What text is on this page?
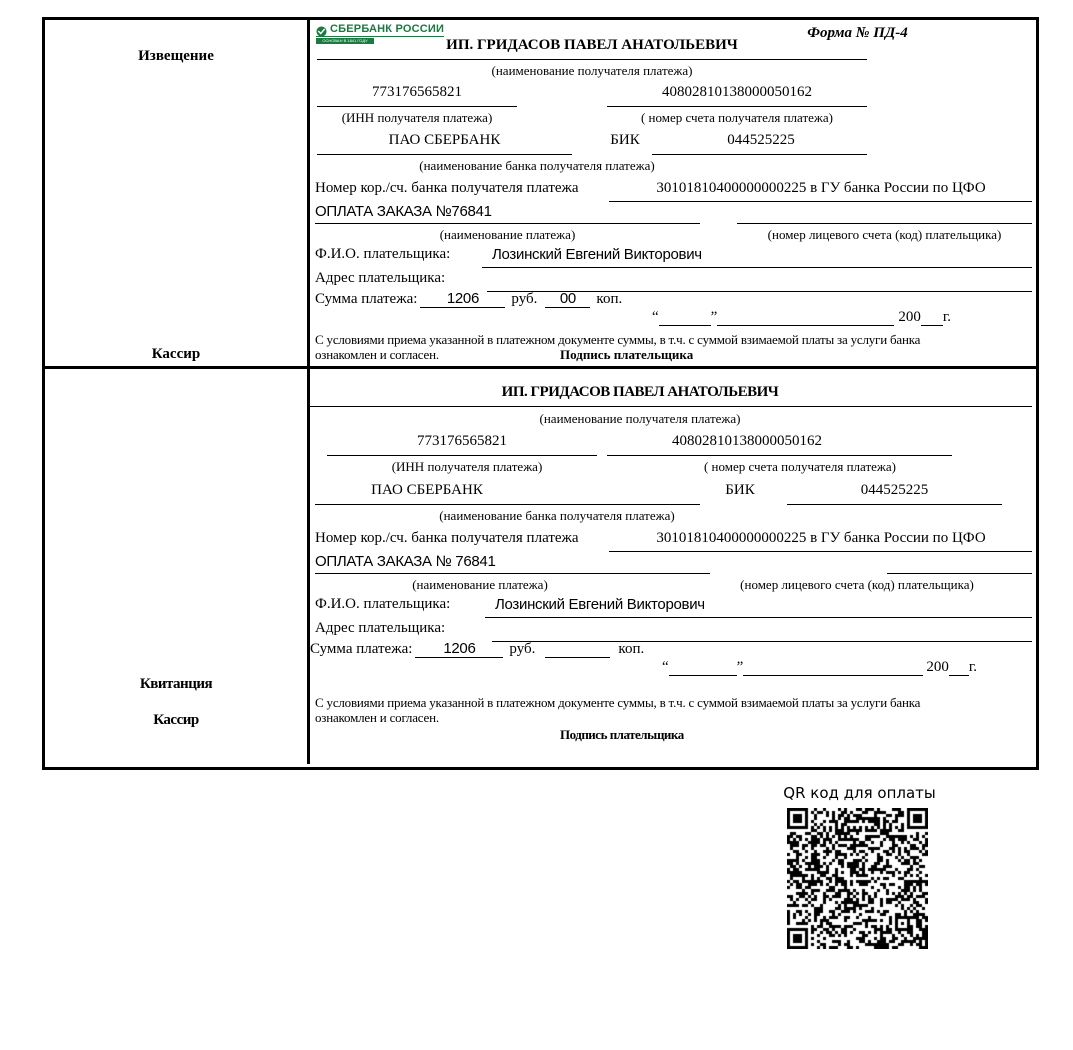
Извещение
Кассир
СБЕРБАНК РОССИИ
ОСНОВАН В 1841 ГОДУ	Форма № ПД-4
ИП. ГРИДАСОВ ПАВЕЛ АНАТОЛЬЕВИЧ
(наименование получателя платежа)
773176565821	40802810138000050162
(ИНН получателя платежа)	( номер счета получателя платежа)
ПАО СБЕРБАНК	БИК	044525225
(наименование банка получателя платежа)
Номер кор./сч. банка получателя платежа	30101810400000000225 в ГУ банка России по ЦФО
ОПЛАТА ЗАКАЗА №76841
(наименование платежа)	(номер лицевого счета (код) плательщика)
Ф.И.О. плательщика:	Лозинский Евгений Викторович
Адрес плательщика:
Сумма платежа:	1206	руб.	00	коп.
“	”	200 г.
С условиями приема указанной в платежном документе суммы, в т.ч. с суммой взимаемой платы за услуги банка
ознакомлен и согласен.	Подпись плательщика
Квитанция
Кассир
ИП. ГРИДАСОВ ПАВЕЛ АНАТОЛЬЕВИЧ
(наименование получателя платежа)
773176565821	40802810138000050162
(ИНН получателя платежа)	( номер счета получателя платежа)
ПАО СБЕРБАНК	БИК	044525225
(наименование банка получателя платежа)
Номер кор./сч. банка получателя платежа	30101810400000000225 в ГУ банка России по ЦФО
ОПЛАТА ЗАКАЗА № 76841
(наименование платежа)	(номер лицевого счета (код) плательщика)
Ф.И.О. плательщика:	Лозинский Евгений Викторович
Адрес плательщика:
Сумма платежа:	1206	руб.	коп.
“	”	200 г.
С условиями приема указанной в платежном документе суммы, в т.ч. с суммой взимаемой платы за услуги банка
ознакомлен и согласен.
Подпись плательщика
QR код для оплаты
